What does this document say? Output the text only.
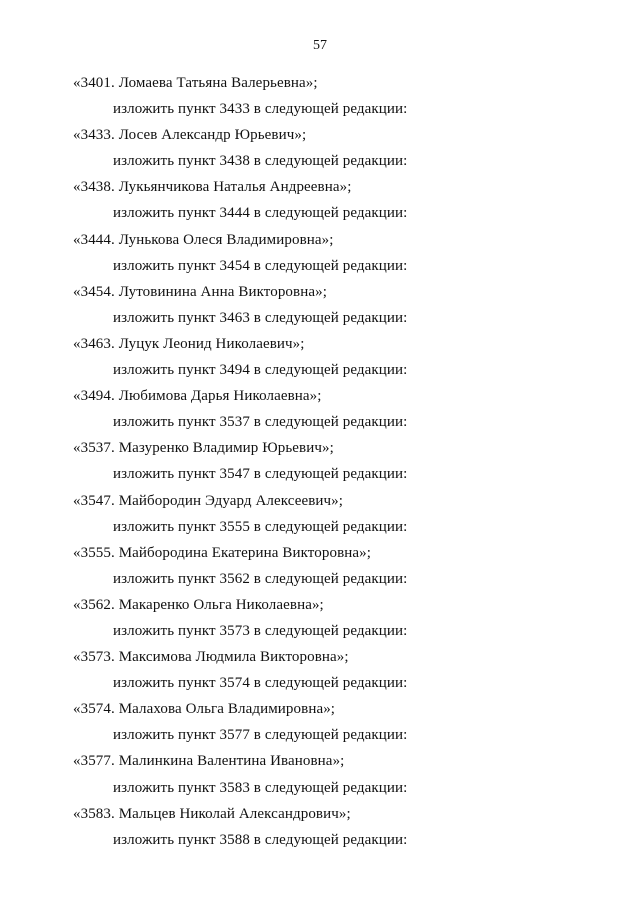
57
«3401. Ломаева Татьяна Валерьевна»;
изложить пункт 3433 в следующей редакции:
«3433. Лосев Александр Юрьевич»;
изложить пункт 3438 в следующей редакции:
«3438. Лукьянчикова Наталья Андреевна»;
изложить пункт 3444 в следующей редакции:
«3444. Лунькова Олеся Владимировна»;
изложить пункт 3454 в следующей редакции:
«3454. Лутовинина Анна Викторовна»;
изложить пункт 3463 в следующей редакции:
«3463. Луцук Леонид Николаевич»;
изложить пункт 3494 в следующей редакции:
«3494. Любимова Дарья Николаевна»;
изложить пункт 3537 в следующей редакции:
«3537. Мазуренко Владимир Юрьевич»;
изложить пункт 3547 в следующей редакции:
«3547. Майбородин Эдуард Алексеевич»;
изложить пункт 3555 в следующей редакции:
«3555. Майбородина Екатерина Викторовна»;
изложить пункт 3562 в следующей редакции:
«3562. Макаренко Ольга Николаевна»;
изложить пункт 3573 в следующей редакции:
«3573. Максимова Людмила Викторовна»;
изложить пункт 3574 в следующей редакции:
«3574. Малахова Ольга Владимировна»;
изложить пункт 3577 в следующей редакции:
«3577. Малинкина Валентина Ивановна»;
изложить пункт 3583 в следующей редакции:
«3583. Мальцев Николай Александрович»;
изложить пункт 3588 в следующей редакции:
